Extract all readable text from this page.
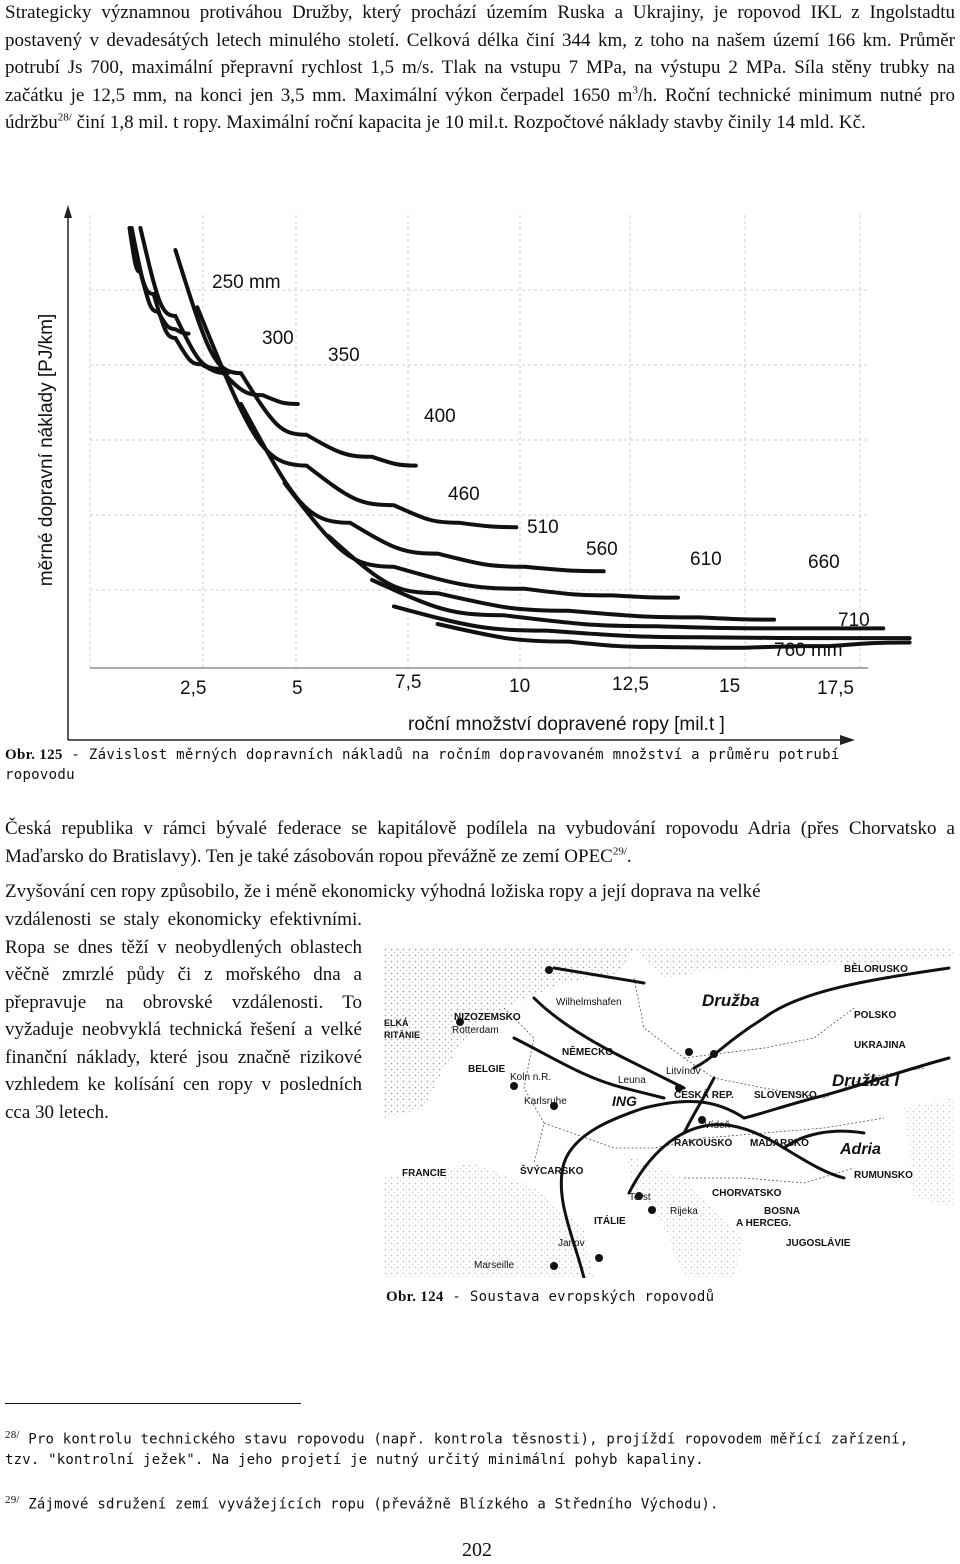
Strategicky významnou protiváhou Družby, který prochází územím Ruska a Ukrajiny, je ropovod IKL z Ingolstadtu postavený v devadesátých letech minulého století. Celková délka činí 344 km, z toho na našem území 166 km. Průměr potrubí Js 700, maximální přepravní rychlost 1,5 m/s. Tlak na vstupu 7 MPa, na výstupu 2 MPa. Síla stěny trubky na začátku je 12,5 mm, na konci jen 3,5 mm. Maximální výkon čerpadel 1650 $m^3/h$. Roční technické minimum nutné pro údržbu$^{28/}$ činí 1,8 mil. t ropy. Maximální roční kapacita je 10 mil.t. Rozpočtové náklady stavby činily 14 mld. Kč.

250 mm
300
350
400
460
510
560	610	660
710
760 mm
2,5	5	7,5	10	12,5	15	17,5
měrné dopravní náklady [PJ/km]
roční množství dopravené ropy [mil.t ]
Obr. 125 - Závislost měrných dopravních nákladů na ročním dopravovaném množství a průměru potrubí ropovodu

Česká republika v rámci bývalé federace se kapitálově podílela na vybudování ropovodu Adria (přes Chorvatsko a Maďarsko do Bratislavy). Ten je také zásobován ropou převážně ze zemí $OPEC^{29/}$.

Zvyšování cen ropy způsobilo, že i méně ekonomicky výhodná ložiska ropy a její doprava na velké

vzdálenosti se staly ekonomicky efektivními. Ropa se dnes těží v neobydlených oblastech věčně zmrzlé půdy či z mořského dna a přepravuje na obrovské vzdálenosti. To vyžaduje neobvyklá technická řešení a velké finanční náklady, které jsou značně rizikové vzhledem ke kolísání cen ropy v posledních cca 30 letech.

BĚLORUSKO
Družba
Wilhelmshafen
NIZOZEMSKO
Rotterdam
ELKÁ
RITÁNIE
POLSKO
UKRAJINA
NĚMECKO
BELGIE
Koln n.R.	Leuna
Litvínov	Družba I
Karlsruhe	ING	ČESKÁ REP. SLOVENSKO
Vídeň
RAKOUSKO MAĎARSKO Adria
FRANCIE	ŠVÝCARSKO	RUMUNSKO
Terst	CHORVATSKO
Rijeka	BOSNA
A HERCEG.
ITÁLIE
Janov	JUGOSLÁVIE
Marseille
Obr. 124 - Soustava evropských ropovodů
$^{28/}$ Pro kontrolu technického stavu ropovodu (např. kontrola těsnosti), projíždí ropovodem měřící zařízení, tzv. "kontrolní ježek". Na jeho projetí je nutný určitý minimální pohyb kapaliny.
$^{29/}$ Zájmové sdružení zemí vyvážejících ropu (převážně Blízkého a Středního Východu).
202
